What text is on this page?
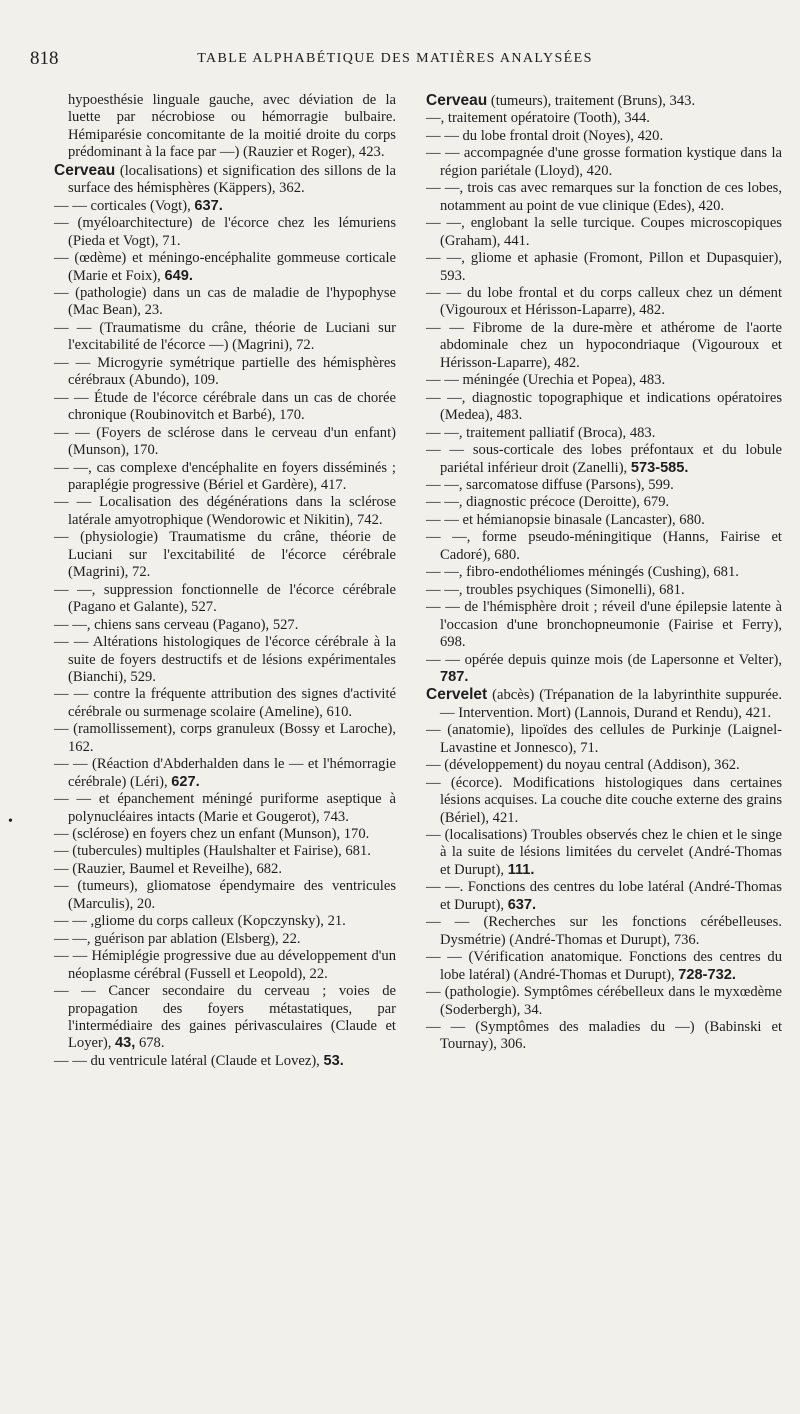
818	TABLE ALPHABÉTIQUE DES MATIÈRES ANALYSÉES

hypoesthésie linguale gauche, avec déviation de la luette par nécrobiose ou hémorragie bulbaire. Hémiparésie concomitante de la moitié droite du corps prédominant à la face par —) (Rauzier et Roger), 423.

Cerveau (localisations) et signification des sillons de la surface des hémisphères (Käppers), 362.

— — corticales (Vogt), 637.

— (myéloarchitecture) de l'écorce chez les lémuriens (Pieda et Vogt), 71.

— (œdème) et méningo-encéphalite gommeuse corticale (Marie et Foix), 649.

— (pathologie) dans un cas de maladie de l'hypophyse (Mac Bean), 23.

— — (Traumatisme du crâne, théorie de Luciani sur l'excitabilité de l'écorce —) (Magrini), 72.

— — Microgyrie symétrique partielle des hémisphères cérébraux (Abundo), 109.

— — Étude de l'écorce cérébrale dans un cas de chorée chronique (Roubinovitch et Barbé), 170.

— — (Foyers de sclérose dans le cerveau d'un enfant) (Munson), 170.

— —, cas complexe d'encéphalite en foyers disséminés ; paraplégie progressive (Bériel et Gardère), 417.

— — Localisation des dégénérations dans la sclérose latérale amyotrophique (Wendorowic et Nikitin), 742.

— (physiologie) Traumatisme du crâne, théorie de Luciani sur l'excitabilité de l'écorce cérébrale (Magrini), 72.

— —, suppression fonctionnelle de l'écorce cérébrale (Pagano et Galante), 527.

— —, chiens sans cerveau (Pagano), 527.

— — Altérations histologiques de l'écorce cérébrale à la suite de foyers destructifs et de lésions expérimentales (Bianchi), 529.

— — contre la fréquente attribution des signes d'activité cérébrale ou surmenage scolaire (Ameline), 610.

— (ramollissement), corps granuleux (Bossy et Laroche), 162.

— — (Réaction d'Abderhalden dans le — et l'hémorragie cérébrale) (Léri), 627.

— — et épanchement méningé puriforme aseptique à polynucléaires intacts (Marie et Gougerot), 743.

— (sclérose) en foyers chez un enfant (Munson), 170.

— (tubercules) multiples (Haulshalter et Fairise), 681.

— (Rauzier, Baumel et Reveilhe), 682.

— (tumeurs), gliomatose épendymaire des ventricules (Marculis), 20.

— — ,gliome du corps calleux (Kopczynsky), 21.

— —, guérison par ablation (Elsberg), 22.

— — Hémiplégie progressive due au développement d'un néoplasme cérébral (Fussell et Leopold), 22.

— — Cancer secondaire du cerveau ; voies de propagation des foyers métastatiques, par l'intermédiaire des gaines périvasculaires (Claude et Loyer), 43, 678.

— — du ventricule latéral (Claude et Lovez), 53.

Cerveau (tumeurs), traitement (Bruns), 343.

—, traitement opératoire (Tooth), 344.

— — du lobe frontal droit (Noyes), 420.

— — accompagnée d'une grosse formation kystique dans la région pariétale (Lloyd), 420.

— —, trois cas avec remarques sur la fonction de ces lobes, notamment au point de vue clinique (Edes), 420.

— —, englobant la selle turcique. Coupes microscopiques (Graham), 441.

— —, gliome et aphasie (Fromont, Pillon et Dupasquier), 593.

— — du lobe frontal et du corps calleux chez un dément (Vigouroux et Hérisson-Laparre), 482.

— — Fibrome de la dure-mère et athérome de l'aorte abdominale chez un hypocondriaque (Vigouroux et Hérisson-Laparre), 482.

— — méningée (Urechia et Popea), 483.

— —, diagnostic topographique et indications opératoires (Medea), 483.

— —, traitement palliatif (Broca), 483.

— — sous-corticale des lobes préfontaux et du lobule pariétal inférieur droit (Zanelli), 573-585.

— —, sarcomatose diffuse (Parsons), 599.

— —, diagnostic précoce (Deroitte), 679.

— — et hémianopsie binasale (Lancaster), 680.

— —, forme pseudo-méningitique (Hanns, Fairise et Cadoré), 680.

— —, fibro-endothéliomes méningés (Cushing), 681.

— —, troubles psychiques (Simonelli), 681.

— — de l'hémisphère droit ; réveil d'une épilepsie latente à l'occasion d'une bronchopneumonie (Fairise et Ferry), 698.

— — opérée depuis quinze mois (de Lapersonne et Velter), 787.

Cervelet (abcès) (Trépanation de la labyrinthite suppurée. — Intervention. Mort) (Lannois, Durand et Rendu), 421.

— (anatomie), lipoïdes des cellules de Purkinje (Laignel-Lavastine et Jonnesco), 71.

— (développement) du noyau central (Addison), 362.

— (écorce). Modifications histologiques dans certaines lésions acquises. La couche dite couche externe des grains (Bériel), 421.

— (localisations) Troubles observés chez le chien et le singe à la suite de lésions limitées du cervelet (André-Thomas et Durupt), 111.

— —. Fonctions des centres du lobe latéral (André-Thomas et Durupt), 637.

— — (Recherches sur les fonctions cérébelleuses. Dysmétrie) (André-Thomas et Durupt), 736.

— — (Vérification anatomique. Fonctions des centres du lobe latéral) (André-Thomas et Durupt), 728-732.

— (pathologie). Symptômes cérébelleux dans le myxœdème (Soderbergh), 34.

— — (Symptômes des maladies du —) (Babinski et Tournay), 306.

•
